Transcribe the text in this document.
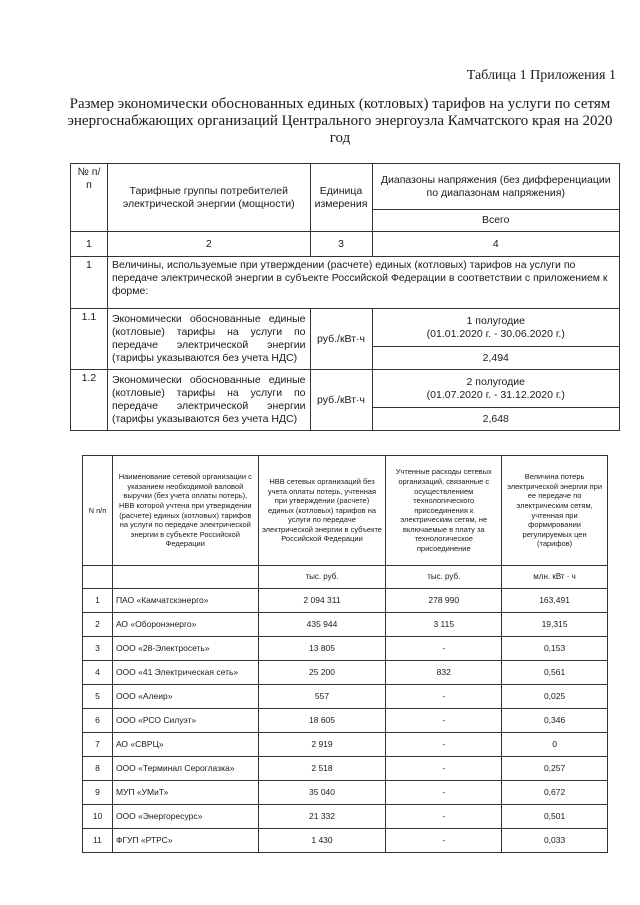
Таблица 1 Приложения 1
Размер экономически обоснованных единых (котловых) тарифов на услуги по сетям энергоснабжающих организаций Центрального энергоузла Камчатского края на 2020 год
№ п/п	Тарифные группы потребителей электрической энергии (мощности)	Единица измерения	Диапазоны напряжения (без дифференциации по диапазонам напряжения)
			Всего
1	2	3	4
1	Величины, используемые при утверждении (расчете) единых (котловых) тарифов на услуги по передаче электрической энергии в субъекте Российской Федерации в соответствии с приложением к форме:		
1.1	Экономически обоснованные единые (котловые) тарифы на услуги по передаче электрической энергии (тарифы указываются без учета НДС)	руб./кВт·ч	1 полугодие
(01.01.2020 г. - 30.06.2020 г.)

			2,494
1.2	Экономически обоснованные единые (котловые) тарифы на услуги по передаче электрической энергии (тарифы указываются без учета НДС)	руб./кВт·ч	2 полугодие
(01.07.2020 г. - 31.12.2020 г.)

			2,648
N п/п	Наименование сетевой организации с указанием необходимой валовой выручки (без учета оплаты потерь), НВВ которой учтена при утверждении (расчете) единых (котловых) тарифов на услуги по передаче электрической энергии в субъекте Российской Федерации	НВВ сетевых организаций без учета оплаты потерь, учтенная при утверждении (расчете) единых (котловых) тарифов на услуги по передаче электрической энергии в субъекте Российской Федерации	Учтенные расходы сетевых организаций, связанные с осуществлением технологического присоединения к электрическим сетям, не включаемые в плату за технологическое присоединение	Величина потерь электрической энергии при ее передаче по электрическим сетям, учтенная при формировании регулируемых цен (тарифов)
		тыс. руб.	тыс. руб.	млн. кВт · ч
1	ПАО «Камчатскэнерго»	2 094 311	278 990	163,491
2	АО «Оборонэнерго»	435 944	3 115	19,315
3	ООО «28-Электросеть»	13 805	-	0,153
4	ООО «41 Электрическая сеть»	25 200	832	0,561
5	ООО «Алеир»	557	-	0,025
6	ООО «РСО Силуэт»	18 605	-	0,346
7	АО «СВРЦ»	2 919	-	0
8	ООО «Терминал Сероглазка»	2 518	-	0,257
9	МУП «УМиТ»	35 040	-	0,672
10	ООО «Энергоресурс»	21 332	-	0,501
11	ФГУП «РТРС»	1 430	-	0,033
